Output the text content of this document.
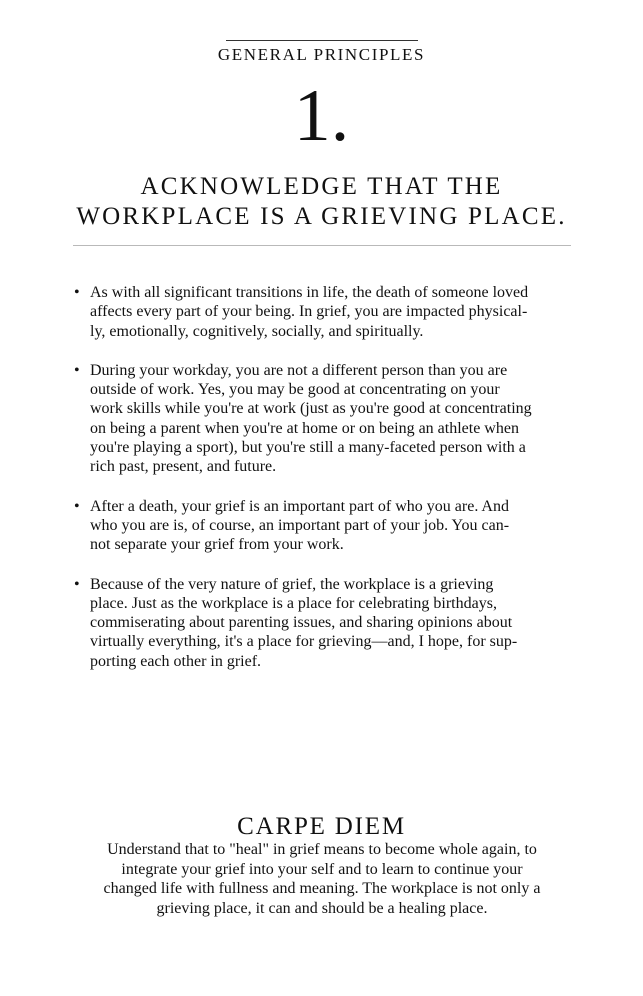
GENERAL PRINCIPLES
1.
ACKNOWLEDGE THAT THE
WORKPLACE IS A GRIEVING PLACE.
• As with all significant transitions in life, the death of someone loved
affects every part of your being. In grief, you are impacted physical-
ly, emotionally, cognitively, socially, and spiritually.
• During your workday, you are not a different person than you are
outside of work. Yes, you may be good at concentrating on your
work skills while you're at work (just as you're good at concentrating
on being a parent when you're at home or on being an athlete when
you're playing a sport), but you're still a many-faceted person with a
rich past, present, and future.
• After a death, your grief is an important part of who you are. And
who you are is, of course, an important part of your job. You can-
not separate your grief from your work.
• Because of the very nature of grief, the workplace is a grieving
place. Just as the workplace is a place for celebrating birthdays,
commiserating about parenting issues, and sharing opinions about
virtually everything, it's a place for grieving—and, I hope, for sup-
porting each other in grief.
CARPE DIEM
Understand that to "heal" in grief means to become whole again, to
integrate your grief into your self and to learn to continue your
changed life with fullness and meaning. The workplace is not only a
grieving place, it can and should be a healing place.
